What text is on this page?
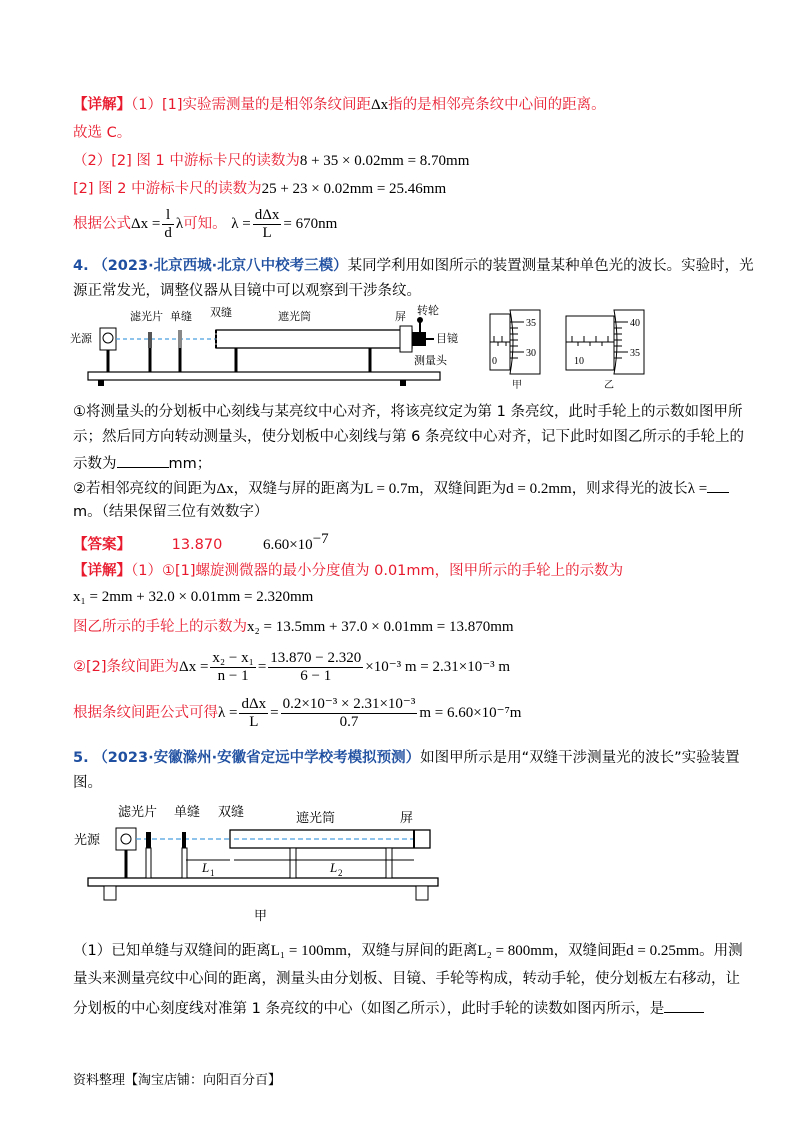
【详解】（1）[1]实验需测量的是相邻条纹间距Δx指的是相邻亮条纹中心间的距离。
故选 C。
（2）[2] 图 1 中游标卡尺的读数为8 + 35 × 0.02mm = 8.70mm
[2] 图 2 中游标卡尺的读数为25 + 23 × 0.02mm = 25.46mm
根据公式$\Delta x = \frac{l}{d}$ λ可知。 $\lambda = \frac{\text{dΔx}}{L} = 670nm$
4. （2023·北京西城·北京八中校考三模）某同学利用如图所示的装置测量某种单色光的波长。实验时，光
源正常发光，调整仪器从目镜中可以观察到干涉条纹。
光源
滤光片 单缝 双缝	遮光筒	屏 转轮
目镜
测量头
35
30
0
甲
40
35
10
乙
①将测量头的分划板中心刻线与某亮纹中心对齐，将该亮纹定为第 1 条亮纹，此时手轮上的示数如图甲所
示；然后同方向转动测量头，使分划板中心刻线与第 6 条亮纹中心对齐，记下此时如图乙所示的手轮上的
示数为	mm；
②若相邻亮纹的间距为Δx，双缝与屏的距离为L = 0.7m，双缝间距为d = 0.2mm，则求得光的波长λ =
m。（结果保留三位有效数字）
【答案】	13.870	$6.60\times 10^{-7}$
【详解】（1）①[1]螺旋测微器的最小分度值为 0.01mm，图甲所示的手轮上的示数为
x₁ = 2mm + 32.0 × 0.01mm = 2.320mm
图乙所示的手轮上的示数为x₂ = 13.5mm + 37.0 × 0.01mm = 13.870mm
②[2]条纹间距为$\Delta x = \frac{\text{x₂ − x₁}}{n - 1} = \frac{13.870 - 2.320}{6 - 1} \times 10^{-3}$ m = 2.31×10⁻³ m
根据条纹间距公式可得$\lambda = \frac{\text{dΔx}}{L} = \frac{\text{0.2×10⁻³ × 2.31×10⁻³}}{0.7}$ m = 6.60×10⁻⁷m
5. （2023·安徽滁州·安徽省定远中学校考模拟预测）如图甲所示是用“双缝干涉测量光的波长”实验装置
图。
光源
滤光片 单缝 双缝	遮光筒	屏
L 1	L 2
甲
（1）已知单缝与双缝间的距离L₁ = 100mm，双缝与屏间的距离L₂ = 800mm，双缝间距d = 0.25mm。用测
量头来测量亮纹中心间的距离，测量头由分划板、目镜、手轮等构成，转动手轮，使分划板左右移动，让
分划板的中心刻度线对准第 1 条亮纹的中心（如图乙所示），此时手轮的读数如图丙所示，是
资料整理【淘宝店铺：向阳百分百】
